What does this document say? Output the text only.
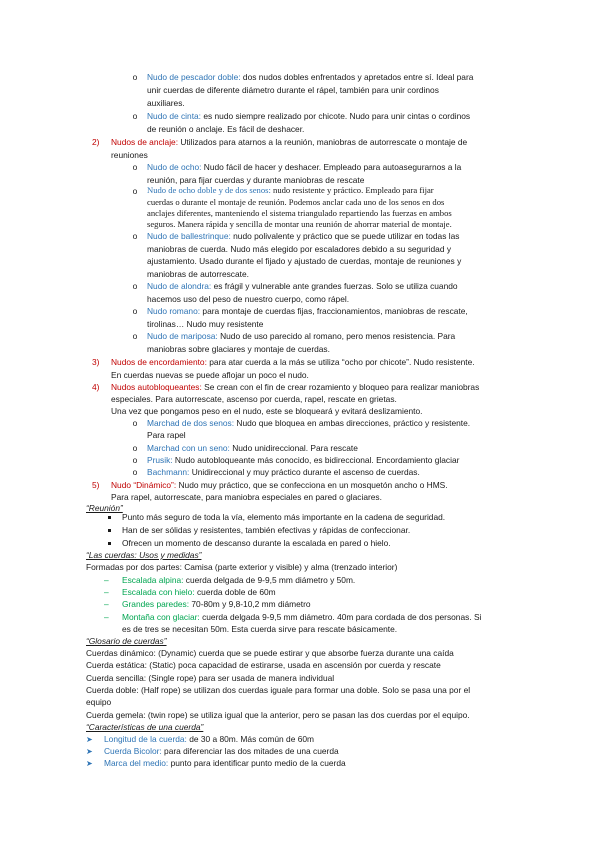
o	Nudo de pescador doble: dos nudos dobles enfrentados y apretados entre sí. Ideal para
unir cuerdas de diferente diámetro durante el rápel, también para unir cordinos
auxiliares.
o	Nudo de cinta: es nudo siempre realizado por chicote. Nudo para unir cintas o cordinos
de reunión o anclaje. Es fácil de deshacer.
2) Nudos de anclaje: Utilizados para atarnos a la reunión, maniobras de autorrescate o montaje de
reuniones
o	Nudo de ocho: Nudo fácil de hacer y deshacer. Empleado para autoasegurarnos a la
reunión, para fijar cuerdas y durante maniobras de rescate
o	Nudo de ocho doble y de dos senos: nudo resistente y práctico. Empleado para fijar
cuerdas o durante el montaje de reunión. Podemos anclar cada uno de los senos en dos
anclajes diferentes, manteniendo el sistema triangulado repartiendo las fuerzas en ambos
seguros. Manera rápida y sencilla de montar una reunión de ahorrar material de montaje.
o	Nudo de ballestrinque: nudo polivalente y práctico que se puede utilizar en todas las
maniobras de cuerda. Nudo más elegido por escaladores debido a su seguridad y
ajustamiento. Usado durante el fijado y ajustado de cuerdas, montaje de reuniones y
maniobras de autorrescate.
o	Nudo de alondra: es frágil y vulnerable ante grandes fuerzas. Solo se utiliza cuando
hacemos uso del peso de nuestro cuerpo, como rápel.
o	Nudo romano: para montaje de cuerdas fijas, fraccionamientos, maniobras de rescate,
tirolinas… Nudo muy resistente
o	Nudo de mariposa: Nudo de uso parecido al romano, pero menos resistencia. Para
maniobras sobre glaciares y montaje de cuerdas.
3) Nudos de encordamiento: para atar cuerda a la más se utiliza “ocho por chicote”. Nudo resistente.
En cuerdas nuevas se puede aflojar un poco el nudo.
4) Nudos autobloqueantes: Se crean con el fin de crear rozamiento y bloqueo para realizar maniobras
especiales. Para autorrescate, ascenso por cuerda, rapel, rescate en grietas.
Una vez que pongamos peso en el nudo, este se bloqueará y evitará deslizamiento.
o	Marchad de dos senos: Nudo que bloquea en ambas direcciones, práctico y resistente.
Para rapel
o	Marchad con un seno: Nudo unidireccional. Para rescate
o	Prusik: Nudo autobloqueante más conocido, es bidireccional. Encordamiento glaciar
o	Bachmann: Unidireccional y muy práctico durante el ascenso de cuerdas.
5) Nudo “Dinámico”: Nudo muy práctico, que se confecciona en un mosquetón ancho o HMS.
Para rapel, autorrescate, para maniobra especiales en pared o glaciares.
“Reunión”
Punto más seguro de toda la vía, elemento más importante en la cadena de seguridad.
Han de ser sólidas y resistentes, también efectivas y rápidas de confeccionar.
Ofrecen un momento de descanso durante la escalada en pared o hielo.
“Las cuerdas: Usos y medidas”
Formadas por dos partes: Camisa (parte exterior y visible) y alma (trenzado interior)
– Escalada alpina: cuerda delgada de 9-9,5 mm diámetro y 50m.
– Escalada con hielo: cuerda doble de 60m
– Grandes paredes: 70-80m y 9,8-10,2 mm diámetro
– Montaña con glaciar: cuerda delgada 9-9,5 mm diámetro. 40m para cordada de dos personas. Si
es de tres se necesitan 50m. Esta cuerda sirve para rescate básicamente.
“Glosario de cuerdas”
Cuerdas dinámico: (Dynamic) cuerda que se puede estirar y que absorbe fuerza durante una caída
Cuerda estática: (Static) poca capacidad de estirarse, usada en ascensión por cuerda y rescate
Cuerda sencilla: (Single rope) para ser usada de manera individual
Cuerda doble: (Half rope) se utilizan dos cuerdas iguale para formar una doble. Solo se pasa una por el
equipo
Cuerda gemela: (twin rope) se utiliza igual que la anterior, pero se pasan las dos cuerdas por el equipo.
“Características de una cuerda”
➤ Longitud de la cuerda: de 30 a 80m. Más común de 60m
➤ Cuerda Bicolor: para diferenciar las dos mitades de una cuerda
➤ Marca del medio: punto para identificar punto medio de la cuerda
